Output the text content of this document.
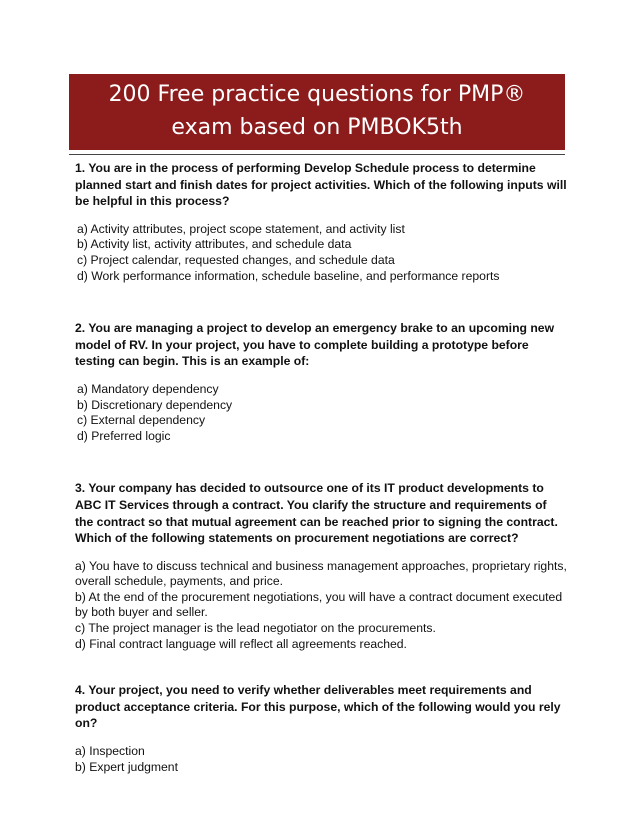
200 Free practice questions for PMP®
exam based on PMBOK5th
1. You are in the process of performing Develop Schedule process to determine planned start and finish dates for project activities. Which of the following inputs will be helpful in this process?
a) Activity attributes, project scope statement, and activity list
b) Activity list, activity attributes, and schedule data
c) Project calendar, requested changes, and schedule data
d) Work performance information, schedule baseline, and performance reports
2. You are managing a project to develop an emergency brake to an upcoming new model of RV. In your project, you have to complete building a prototype before testing can begin. This is an example of:
a) Mandatory dependency
b) Discretionary dependency
c) External dependency
d) Preferred logic
3. Your company has decided to outsource one of its IT product developments to ABC IT Services through a contract. You clarify the structure and requirements of the contract so that mutual agreement can be reached prior to signing the contract. Which of the following statements on procurement negotiations are correct?
a) You have to discuss technical and business management approaches, proprietary rights, overall schedule, payments, and price.
b) At the end of the procurement negotiations, you will have a contract document executed by both buyer and seller.
c) The project manager is the lead negotiator on the procurements.
d) Final contract language will reflect all agreements reached.
4. Your project, you need to verify whether deliverables meet requirements and product acceptance criteria. For this purpose, which of the following would you rely on?
a) Inspection
b) Expert judgment
